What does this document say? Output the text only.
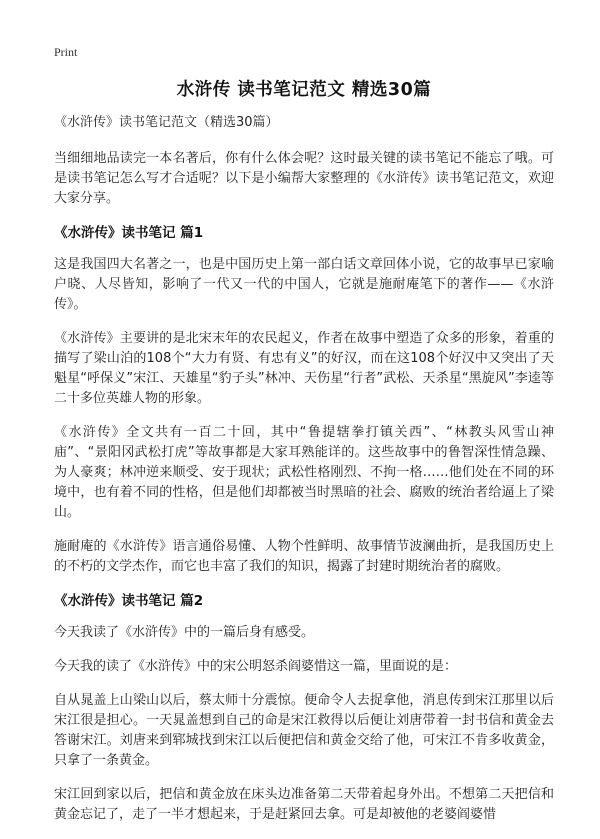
Print
水浒传 读书笔记范文 精选30篇
《水浒传》读书笔记范文（精选30篇）

当细细地品读完一本名著后，你有什么体会呢？这时最关键的读书笔记不能忘了哦。可是读书笔记怎么写才合适呢？以下是小编帮大家整理的《水浒传》读书笔记范文，欢迎大家分享。

《水浒传》读书笔记 篇1

这是我国四大名著之一，也是中国历史上第一部白话文章回体小说，它的故事早已家喻户晓、人尽皆知，影响了一代又一代的中国人，它就是施耐庵笔下的著作——《水浒传》。

《水浒传》主要讲的是北宋末年的农民起义，作者在故事中塑造了众多的形象，着重的描写了梁山泊的108个“大力有贤、有忠有义”的好汉，而在这108个好汉中又突出了天魁星“呼保义”宋江、天雄星“豹子头”林冲、天伤星“行者”武松、天杀星“黑旋风”李逵等二十多位英雄人物的形象。

《水浒传》全文共有一百二十回，其中“鲁提辖拳打镇关西”、“林教头风雪山神庙”、“景阳冈武松打虎”等故事都是大家耳熟能详的。这些故事中的鲁智深性情急躁、为人豪爽；林冲逆来顺受、安于现状；武松性格刚烈、不拘一格……他们处在不同的环境中，也有着不同的性格，但是他们却都被当时黑暗的社会、腐败的统治者给逼上了梁山。

施耐庵的《水浒传》语言通俗易懂、人物个性鲜明、故事情节波澜曲折，是我国历史上的不朽的文学杰作，而它也丰富了我们的知识，揭露了封建时期统治者的腐败。

《水浒传》读书笔记 篇2

今天我读了《水浒传》中的一篇后身有感受。

今天我的读了《水浒传》中的宋公明怒杀阎婆惜这一篇，里面说的是：

自从晁盖上山梁山以后，蔡太师十分震惊。便命令人去捉拿他，消息传到宋江那里以后宋江很是担心。一天晁盖想到自己的命是宋江救得以后便让刘唐带着一封书信和黄金去答谢宋江。刘唐来到郓城找到宋江以后便把信和黄金交给了他，可宋江不肯多收黄金，只拿了一条黄金。

宋江回到家以后，把信和黄金放在床头边准备第二天带着起身外出。不想第二天把信和黄金忘记了，走了一半才想起来，于是赶紧回去拿。可是却被他的老婆阎婆惜
